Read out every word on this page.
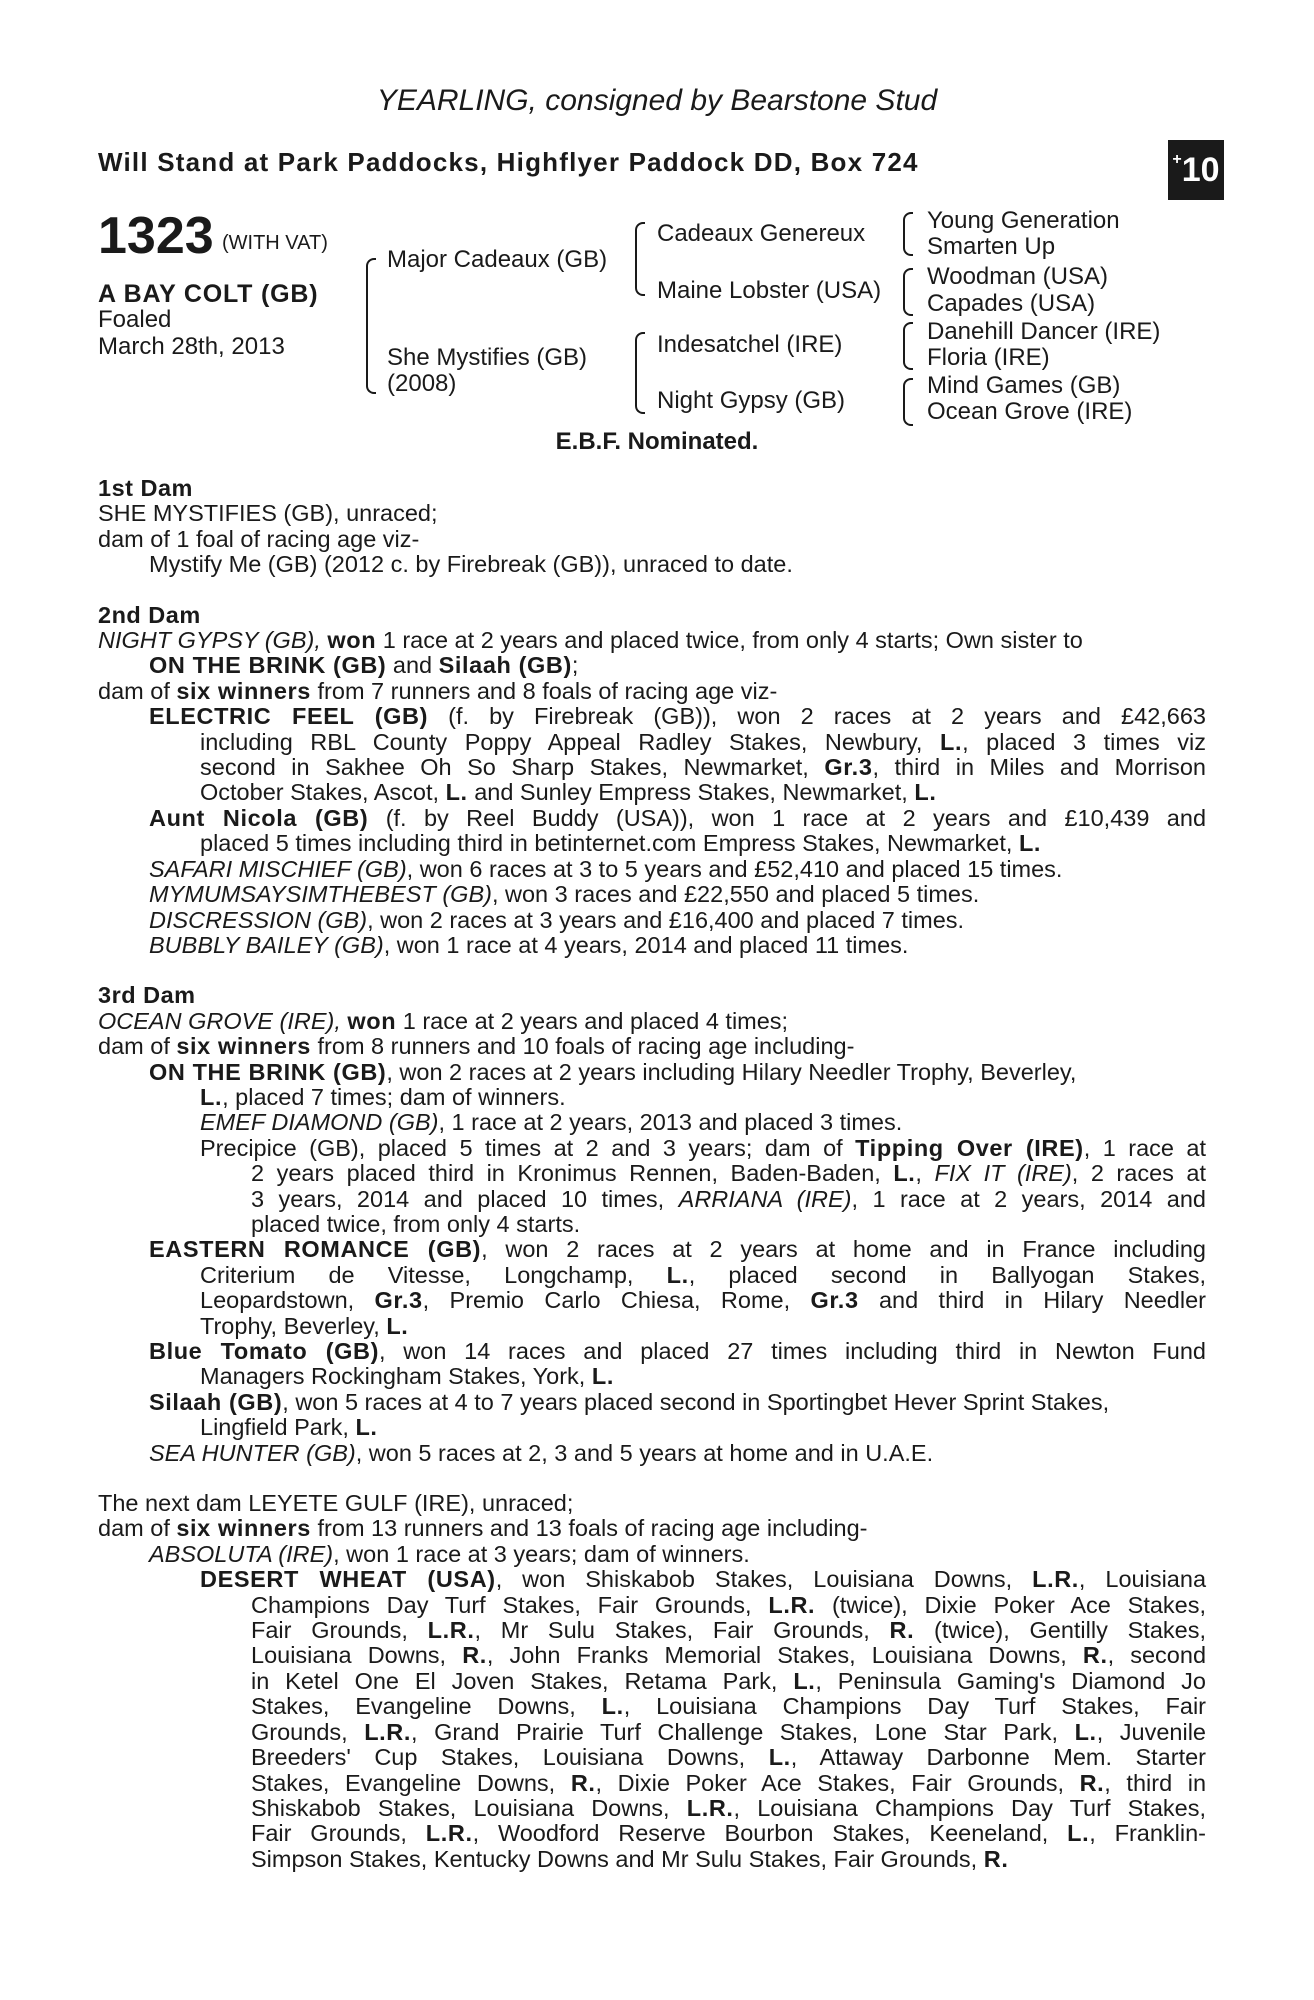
YEARLING, consigned by Bearstone Stud
Will Stand at Park Paddocks, Highflyer Paddock DD, Box 724	+ 10
1323 (WITH VAT)
A BAY COLT (GB)
Foaled
March 28th, 2013
Major Cadeaux (GB)
She Mystifies (GB)
(2008)
Cadeaux Genereux
Maine Lobster (USA)
Indesatchel (IRE)
Night Gypsy (GB)
Young Generation
Smarten Up
Woodman (USA)
Capades (USA)
Danehill Dancer (IRE)
Floria (IRE)
Mind Games (GB)
Ocean Grove (IRE)
E.B.F. Nominated.
1st Dam
SHE MYSTIFIES (GB), unraced;
dam of 1 foal of racing age viz-
Mystify Me (GB) (2012 c. by Firebreak (GB)), unraced to date.
2nd Dam
NIGHT GYPSY (GB), won 1 race at 2 years and placed twice, from only 4 starts; Own sister to
ON THE BRINK (GB) and Silaah (GB);
dam of six winners from 7 runners and 8 foals of racing age viz-
ELECTRIC FEEL (GB) (f. by Firebreak (GB)), won 2 races at 2 years and £42,663
including RBL County Poppy Appeal Radley Stakes, Newbury, L., placed 3 times viz
second in Sakhee Oh So Sharp Stakes, Newmarket, Gr.3, third in Miles and Morrison
October Stakes, Ascot, L. and Sunley Empress Stakes, Newmarket, L.
Aunt Nicola (GB) (f. by Reel Buddy (USA)), won 1 race at 2 years and £10,439 and
placed 5 times including third in betinternet.com Empress Stakes, Newmarket, L.
SAFARI MISCHIEF (GB), won 6 races at 3 to 5 years and £52,410 and placed 15 times.
MYMUMSAYSIMTHEBEST (GB), won 3 races and £22,550 and placed 5 times.
DISCRESSION (GB), won 2 races at 3 years and £16,400 and placed 7 times.
BUBBLY BAILEY (GB), won 1 race at 4 years, 2014 and placed 11 times.
3rd Dam
OCEAN GROVE (IRE), won 1 race at 2 years and placed 4 times;
dam of six winners from 8 runners and 10 foals of racing age including-
ON THE BRINK (GB), won 2 races at 2 years including Hilary Needler Trophy, Beverley,
L., placed 7 times; dam of winners.
EMEF DIAMOND (GB), 1 race at 2 years, 2013 and placed 3 times.
Precipice (GB), placed 5 times at 2 and 3 years; dam of Tipping Over (IRE), 1 race at
2 years placed third in Kronimus Rennen, Baden-Baden, L., FIX IT (IRE), 2 races at
3 years, 2014 and placed 10 times, ARRIANA (IRE), 1 race at 2 years, 2014 and
placed twice, from only 4 starts.
EASTERN ROMANCE (GB), won 2 races at 2 years at home and in France including
Criterium de Vitesse, Longchamp, L., placed second in Ballyogan Stakes,
Leopardstown, Gr.3, Premio Carlo Chiesa, Rome, Gr.3 and third in Hilary Needler
Trophy, Beverley, L.
Blue Tomato (GB), won 14 races and placed 27 times including third in Newton Fund
Managers Rockingham Stakes, York, L.
Silaah (GB), won 5 races at 4 to 7 years placed second in Sportingbet Hever Sprint Stakes,
Lingfield Park, L.
SEA HUNTER (GB), won 5 races at 2, 3 and 5 years at home and in U.A.E.
The next dam LEYETE GULF (IRE), unraced;
dam of six winners from 13 runners and 13 foals of racing age including-
ABSOLUTA (IRE), won 1 race at 3 years; dam of winners.
DESERT WHEAT (USA), won Shiskabob Stakes, Louisiana Downs, L.R., Louisiana
Champions Day Turf Stakes, Fair Grounds, L.R. (twice), Dixie Poker Ace Stakes,
Fair Grounds, L.R., Mr Sulu Stakes, Fair Grounds, R. (twice), Gentilly Stakes,
Louisiana Downs, R., John Franks Memorial Stakes, Louisiana Downs, R., second
in Ketel One El Joven Stakes, Retama Park, L., Peninsula Gaming's Diamond Jo
Stakes, Evangeline Downs, L., Louisiana Champions Day Turf Stakes, Fair
Grounds, L.R., Grand Prairie Turf Challenge Stakes, Lone Star Park, L., Juvenile
Breeders' Cup Stakes, Louisiana Downs, L., Attaway Darbonne Mem. Starter
Stakes, Evangeline Downs, R., Dixie Poker Ace Stakes, Fair Grounds, R., third in
Shiskabob Stakes, Louisiana Downs, L.R., Louisiana Champions Day Turf Stakes,
Fair Grounds, L.R., Woodford Reserve Bourbon Stakes, Keeneland, L., Franklin-
Simpson Stakes, Kentucky Downs and Mr Sulu Stakes, Fair Grounds, R.
